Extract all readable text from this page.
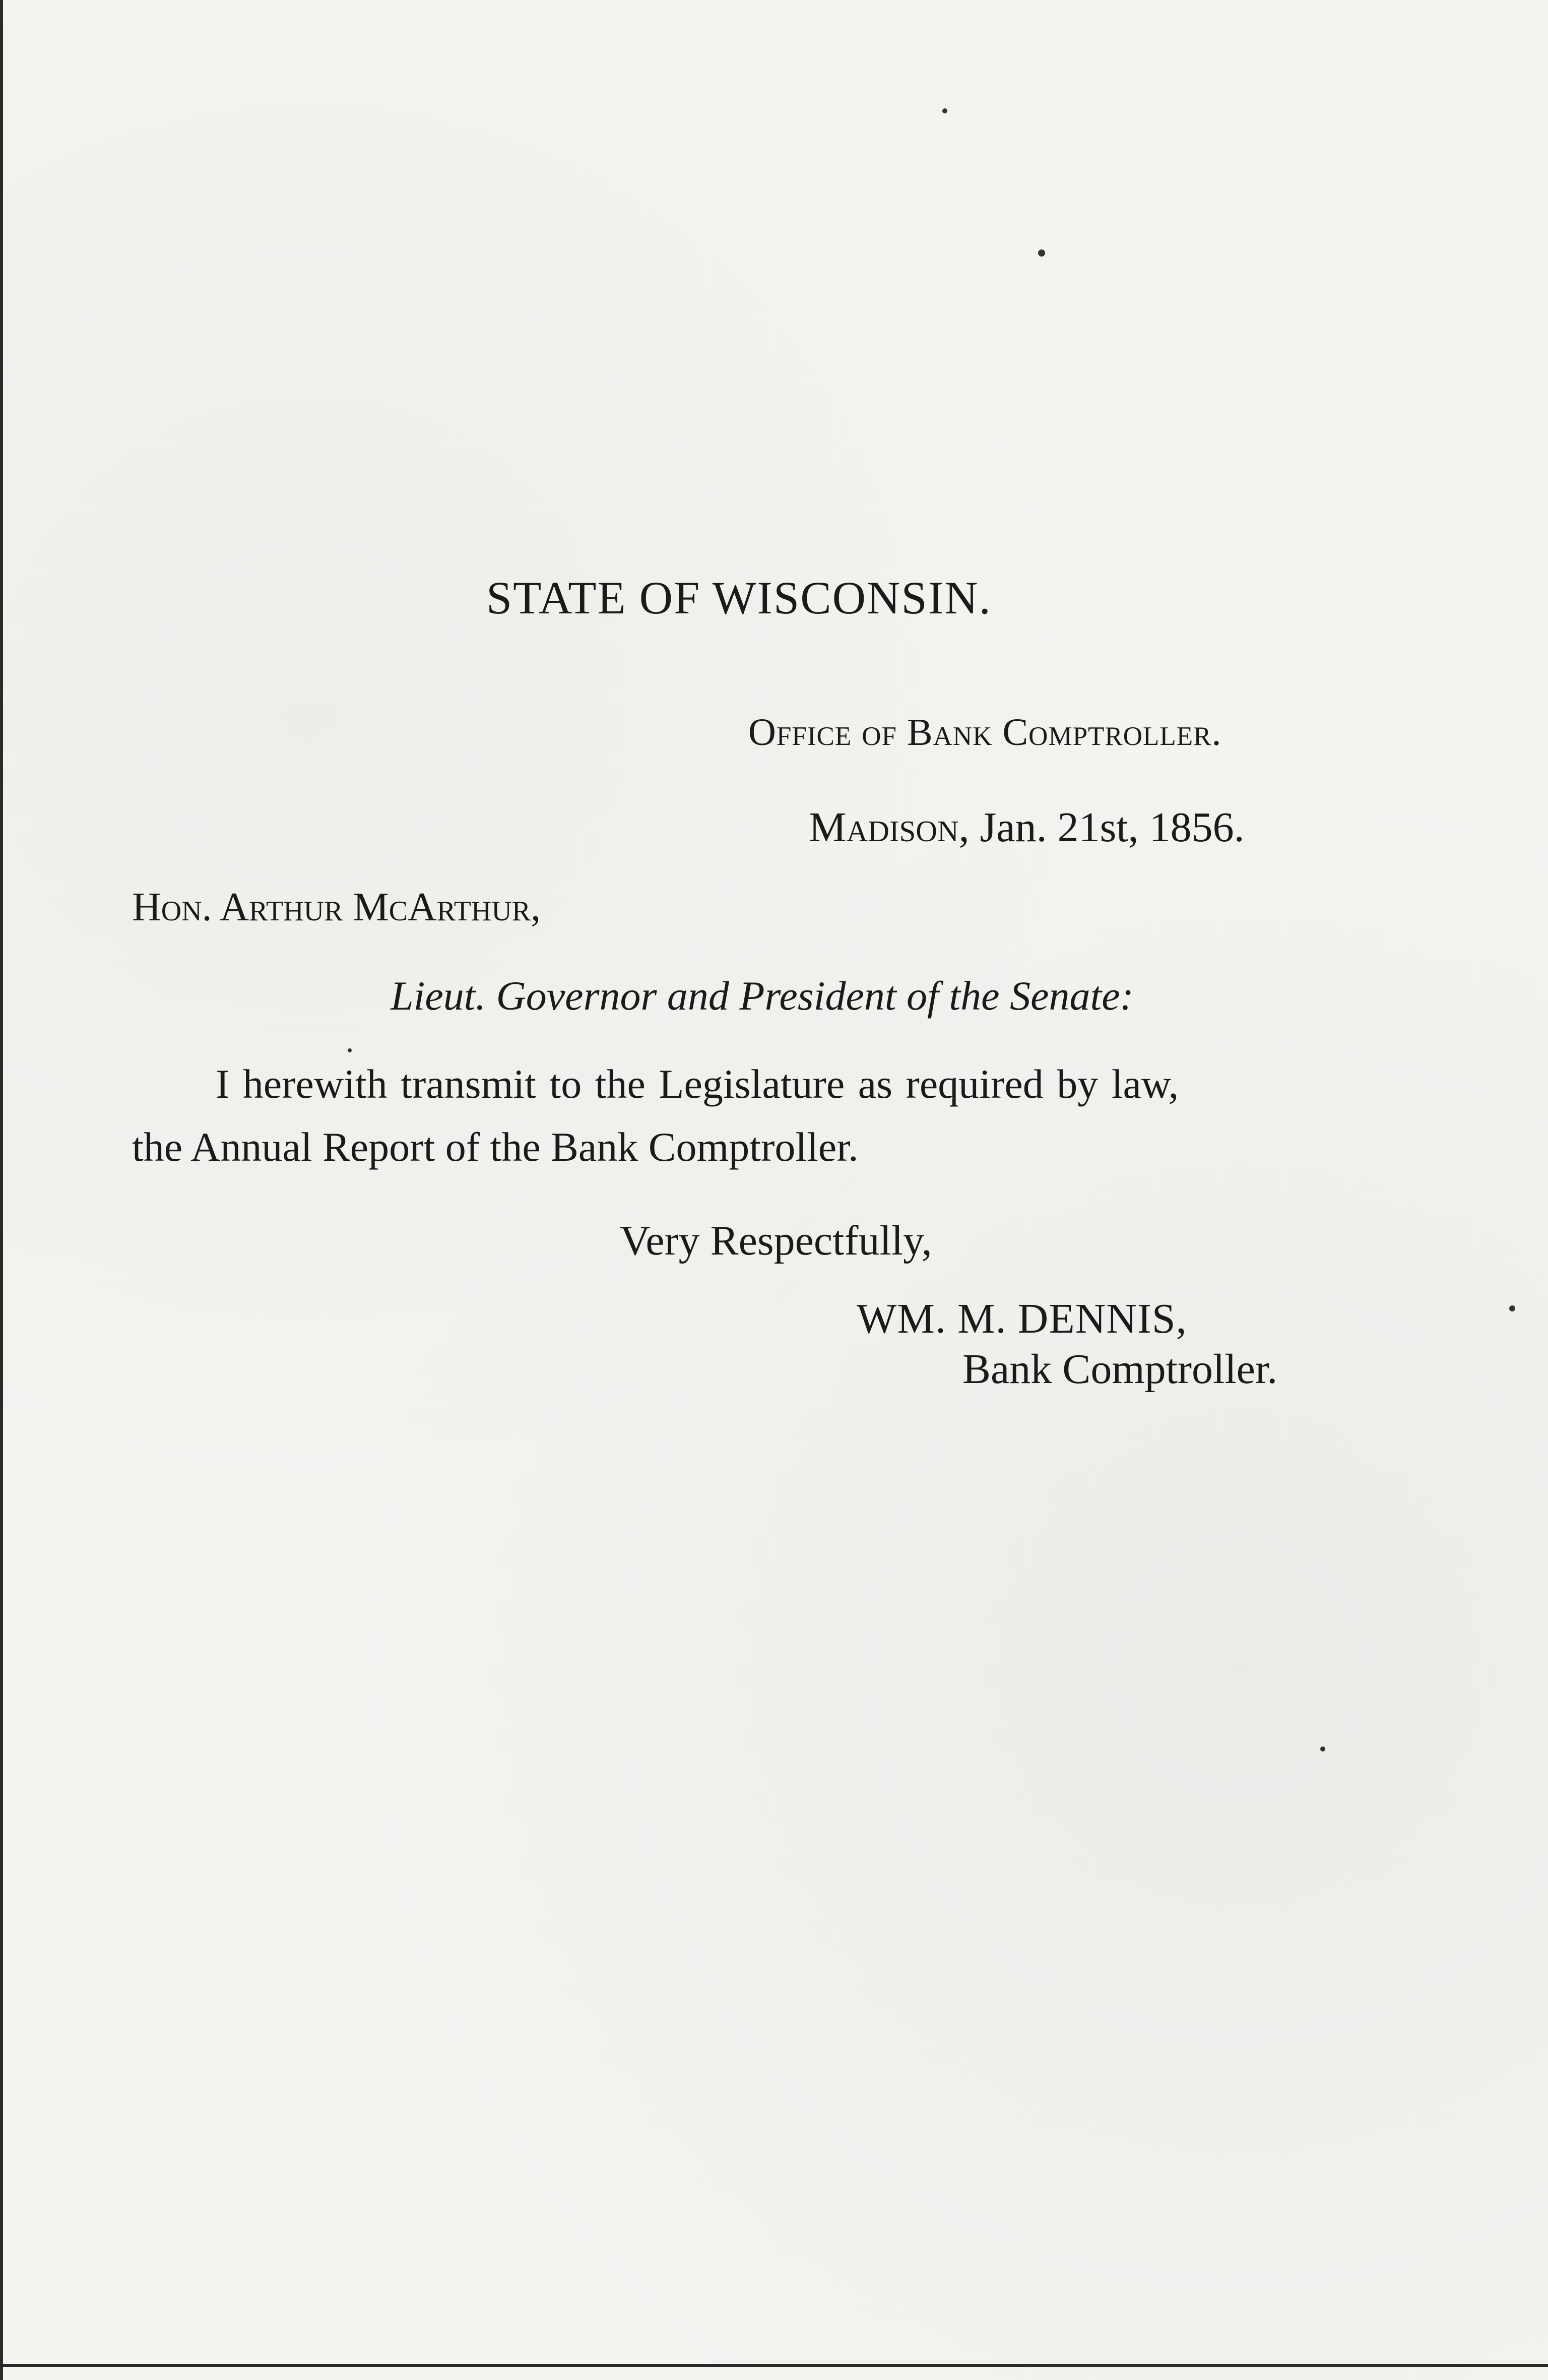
STATE OF WISCONSIN.
Office of Bank Comptroller.
Madison, Jan. 21st, 1856.
Hon. Arthur McArthur,
Lieut. Governor and President of the Senate:
I herewith transmit to the Legislature as required by law,
the Annual Report of the Bank Comptroller.
Very Respectfully,
WM. M. DENNIS,
Bank Comptroller.
